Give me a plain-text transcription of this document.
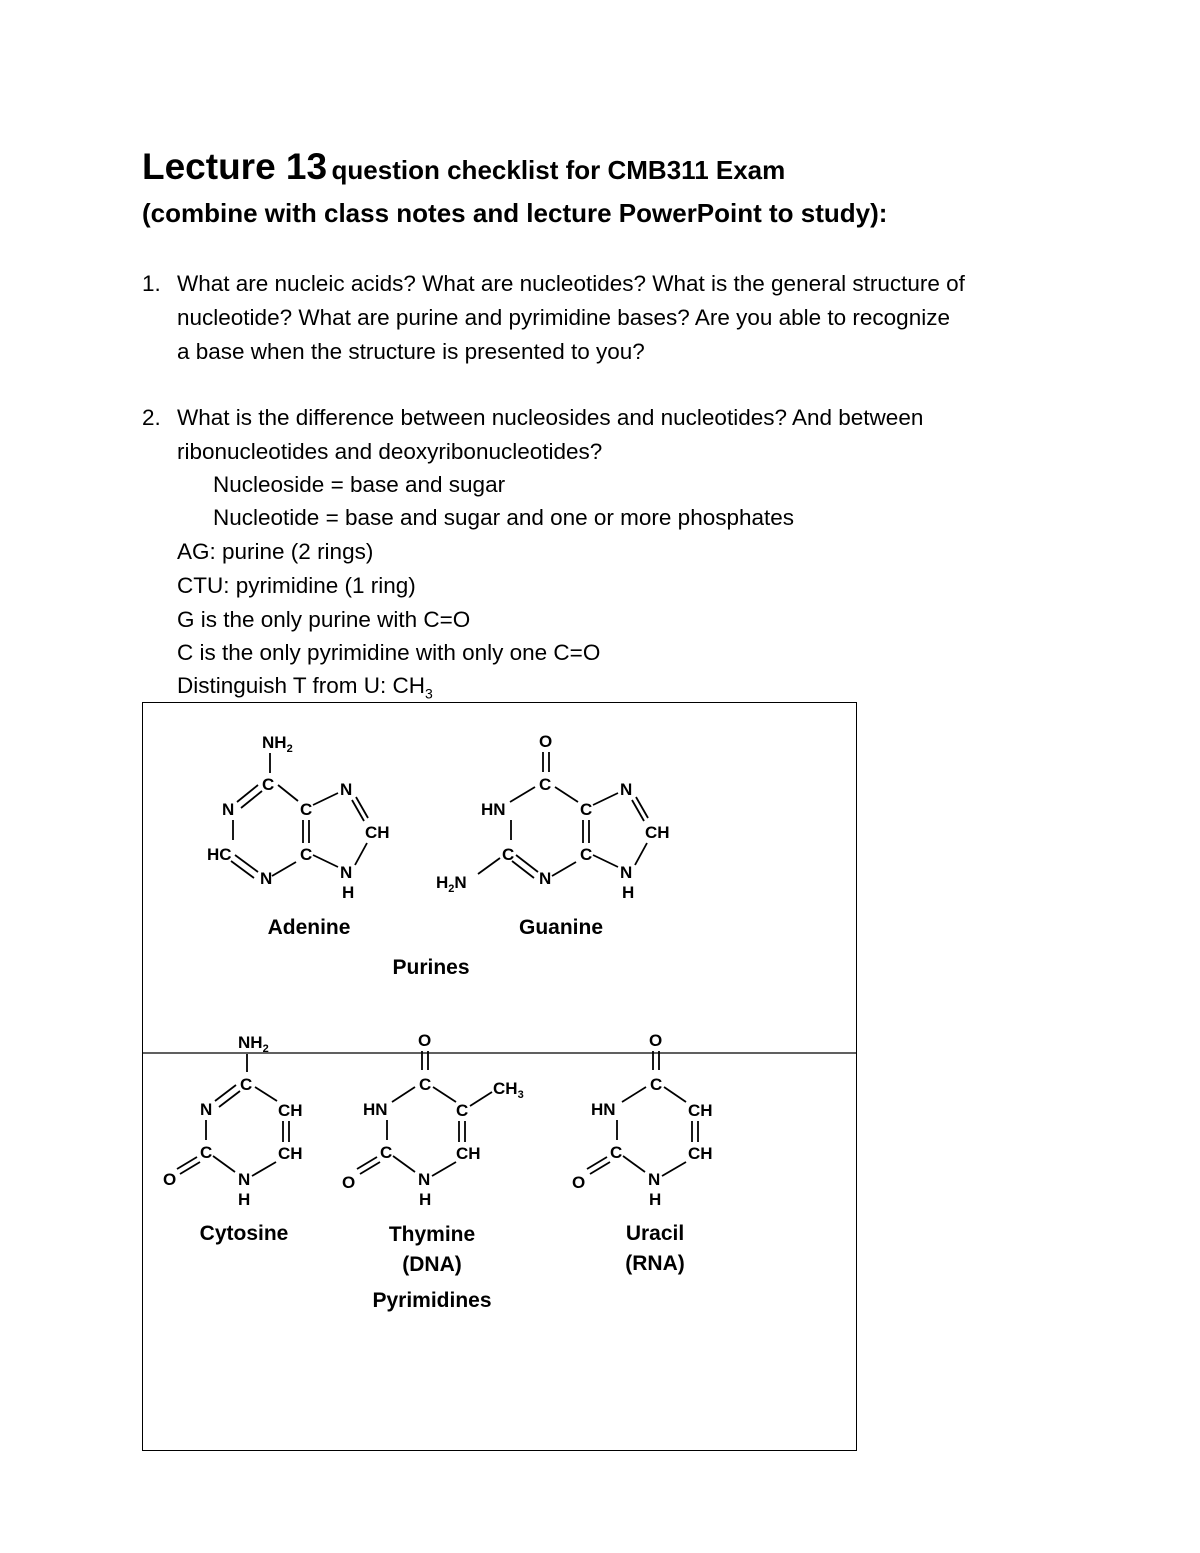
Lecture 13 question checklist for CMB311 Exam
(combine with class notes and lecture PowerPoint to study):
1. What are nucleic acids? What are nucleotides? What is the general structure of
nucleotide? What are purine and pyrimidine bases? Are you able to recognize
a base when the structure is presented to you?
2. What is the difference between nucleosides and nucleotides? And between
ribonucleotides and deoxyribonucleotides?
Nucleoside = base and sugar
Nucleotide = base and sugar and one or more phosphates
AG: purine (2 rings)
CTU: pyrimidine (1 ring)
G is the only purine with C=O
C is the only pyrimidine with only one C=O
Distinguish T from U: $CH_3$
$NH_2$
C
N
HC
N
C
C
N
CH
N
H
Adenine
O
C
HN
C
$H_2N$	N
C
C
N
CH
N
H
Guanine
Purines
$NH_2$
C
N
C
O	N
H
CH
CH
Cytosine
O
C
HN
C
O	N
H
C
$CH_3$
CH
Thymine
(DNA)
O
C
HN
C
O	N
H
CH
CH
Uracil
(RNA)
Pyrimidines
